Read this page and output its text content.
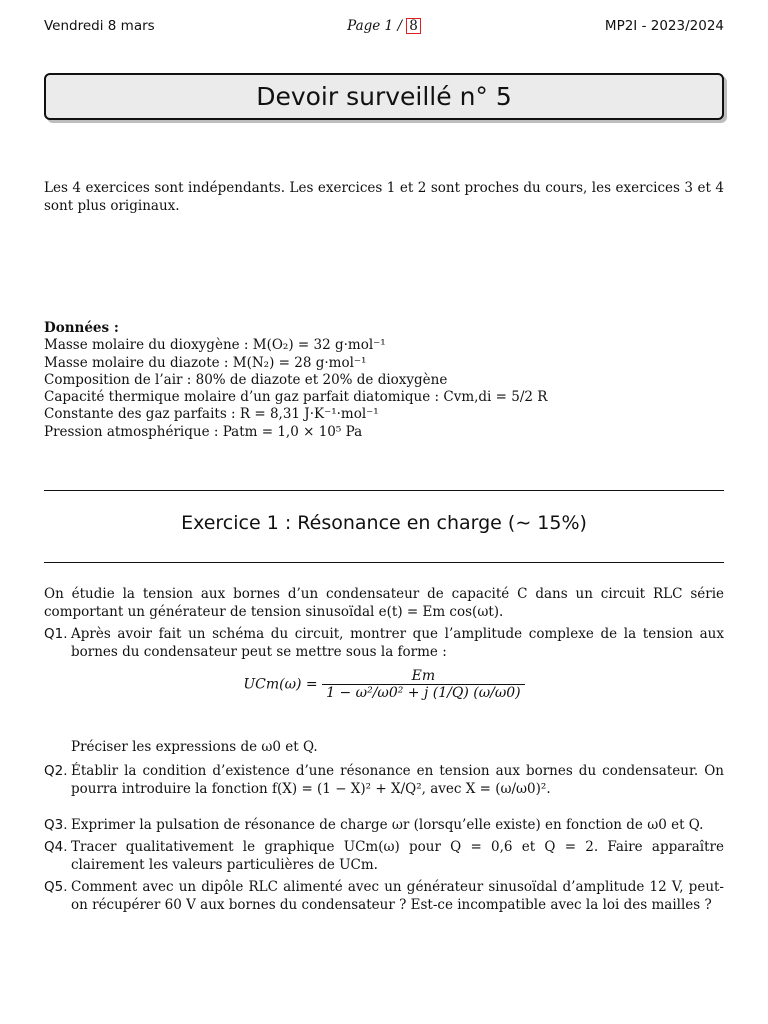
Vendredi 8 mars	Page 1 / 8	MP2I - 2023/2024
Devoir surveillé n° 5
Les 4 exercices sont indépendants. Les exercices 1 et 2 sont proches du cours, les exercices 3 et 4 sont plus originaux.
Données :
Masse molaire du dioxygène : M(O₂) = 32 g·mol⁻¹
Masse molaire du diazote : M(N₂) = 28 g·mol⁻¹
Composition de l’air : 80% de diazote et 20% de dioxygène
Capacité thermique molaire d’un gaz parfait diatomique : Cvm,di = 5/2 R
Constante des gaz parfaits : R = 8,31 J·K⁻¹·mol⁻¹
Pression atmosphérique : Patm = 1,0 × 10⁵ Pa
Exercice 1 : Résonance en charge (∼ 15%)
On étudie la tension aux bornes d’un condensateur de capacité C dans un circuit RLC série comportant un générateur de tension sinusoïdal e(t) = Em cos(ωt).
Q1. Après avoir fait un schéma du circuit, montrer que l’amplitude complexe de la tension aux bornes du condensateur peut se mettre sous la forme :
$UCm(\omega) = \frac{Em}{\text{1 − ω²/ω0² + j (1/Q) (ω/ω0)}}$
Préciser les expressions de ω0 et Q.
Q2. Établir la condition d’existence d’une résonance en tension aux bornes du condensateur. On pourra introduire la fonction f(X) = (1 − X)² + X/Q², avec X = (ω/ω0)².
Q3. Exprimer la pulsation de résonance de charge ωr (lorsqu’elle existe) en fonction de ω0 et Q.
Q4. Tracer qualitativement le graphique UCm(ω) pour Q = 0,6 et Q = 2. Faire apparaître clairement les valeurs particulières de UCm.
Q5. Comment avec un dipôle RLC alimenté avec un générateur sinusoïdal d’amplitude 12 V, peut-on récupérer 60 V aux bornes du condensateur ? Est-ce incompatible avec la loi des mailles ?
